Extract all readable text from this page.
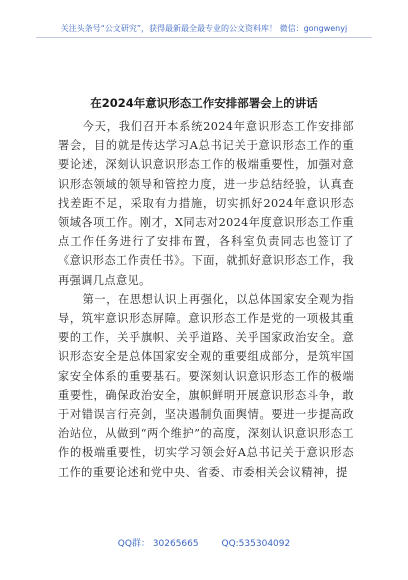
关注头条号“公文研究”，获得最新最全最专业的公文资料库！ 微信：gongwenyj
在2024年意识形态工作安排部署会上的讲话

今天，我们召开本系统2024年意识形态工作安排部署会，目的就是传达学习A总书记关于意识形态工作的重要论述，深刻认识意识形态工作的极端重要性，加强对意识形态领域的领导和管控力度，进一步总结经验，认真查找差距不足，采取有力措施，切实抓好2024年意识形态领域各项工作。刚才，X同志对2024年度意识形态工作重点工作任务进行了安排布置，各科室负责同志也签订了《意识形态工作责任书》。下面，就抓好意识形态工作，我再强调几点意见。

第一，在思想认识上再强化，以总体国家安全观为指导，筑牢意识形态屏障。意识形态工作是党的一项极其重要的工作，关乎旗帜、关乎道路、关乎国家政治安全。意识形态安全是总体国家安全观的重要组成部分，是筑牢国家安全体系的重要基石。要深刻认识意识形态工作的极端重要性，确保政治安全，旗帜鲜明开展意识形态斗争，敢于对错误言行亮剑，坚决遏制负面舆情。要进一步提高政治站位，从做到“两个维护”的高度，深刻认识意识形态工作的极端重要性，切实学习领会好A总书记关于意识形态工作的重要论述和党中央、省委、市委相关会议精神，提

QQ群： 30265665	QQ:535304092
